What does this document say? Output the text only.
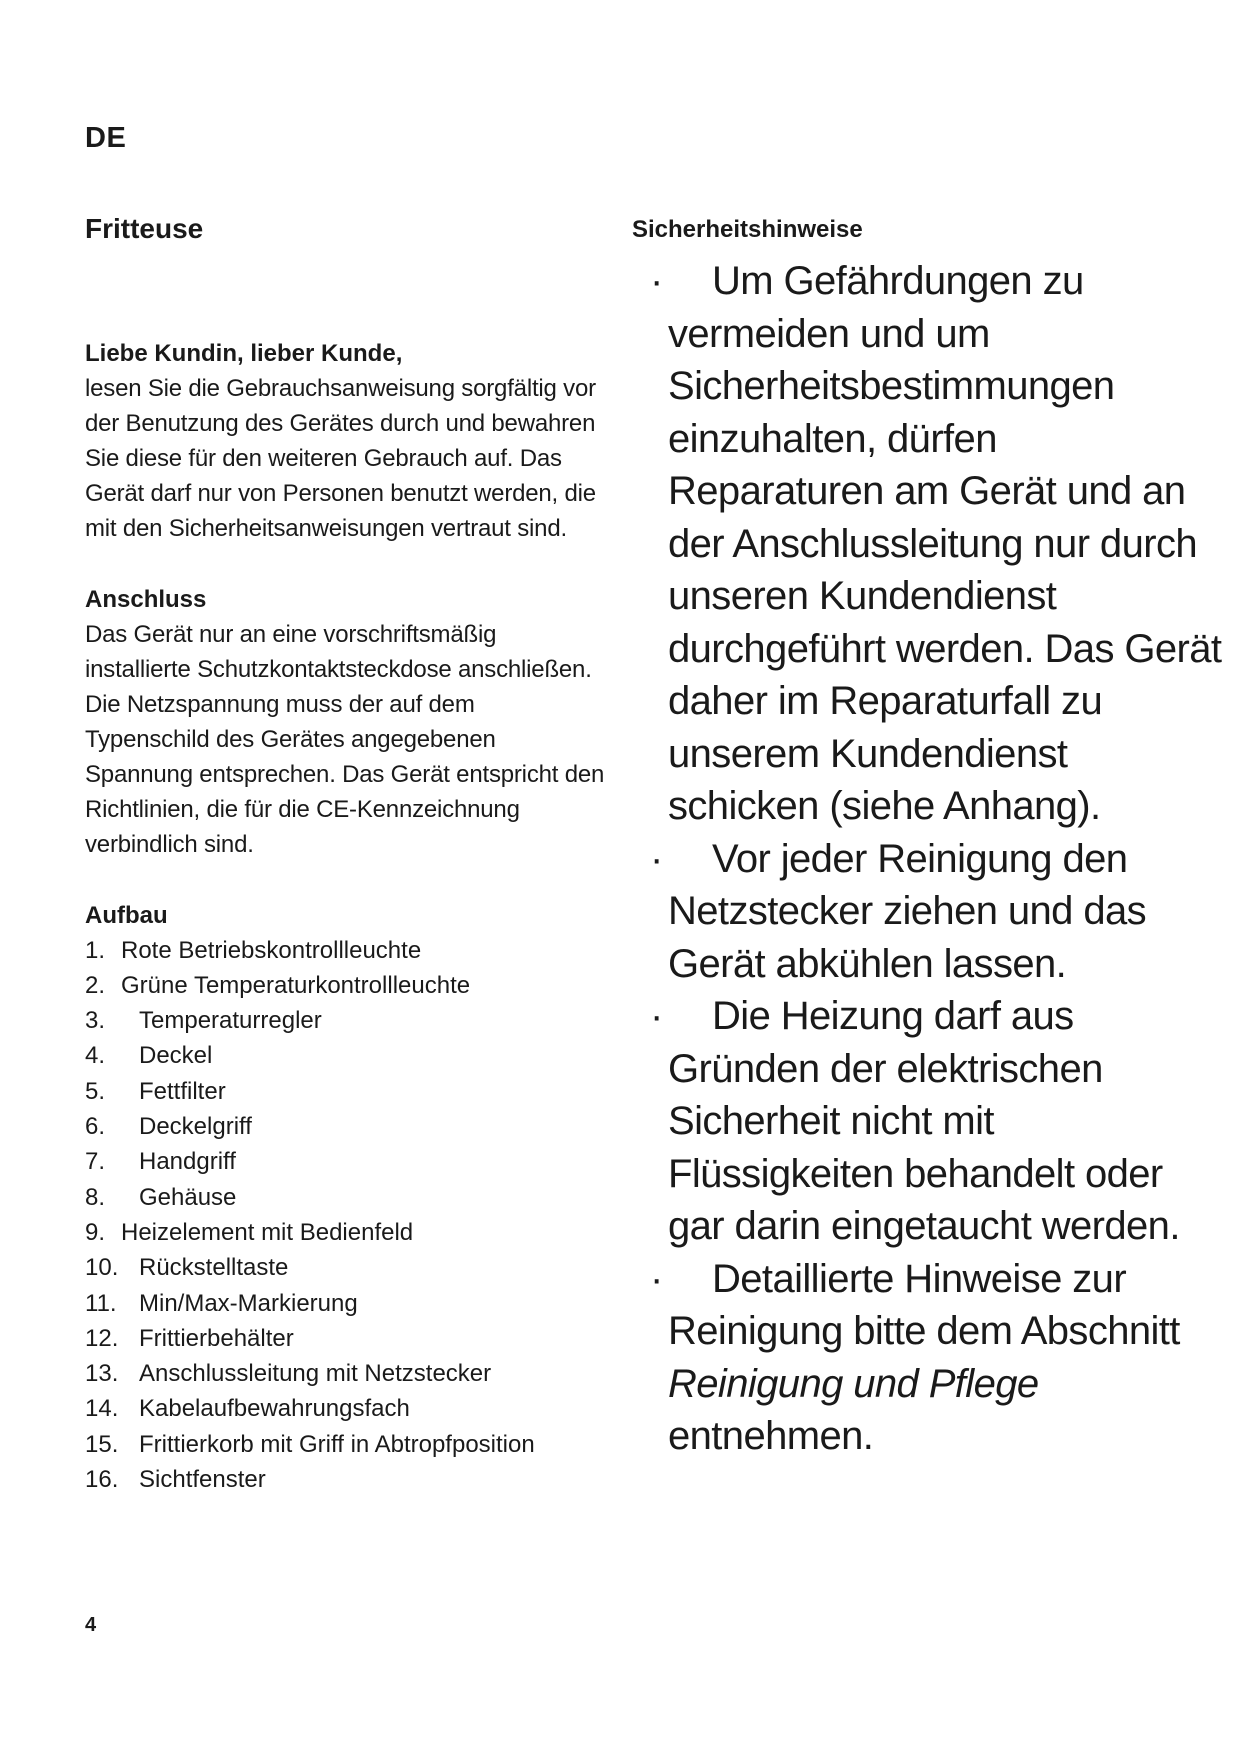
DE
Fritteuse
Liebe Kundin, lieber Kunde,
lesen Sie die Gebrauchsanweisung sorgfältig vor der Benutzung des Gerätes durch und bewahren Sie diese für den weiteren Gebrauch auf. Das Gerät darf nur von Personen benutzt werden, die mit den Sicherheitsanweisungen vertraut sind.
Anschluss
Das Gerät nur an eine vorschriftsmäßig installierte Schutzkontaktsteckdose anschließen.
Die Netzspannung muss der auf dem Typenschild des Gerätes angegebenen Spannung entsprechen. Das Gerät entspricht den Richtlinien, die für die CE-Kennzeichnung verbindlich sind.
Aufbau
1. Rote Betriebskontrollleuchte
2. Grüne Temperaturkontrollleuchte
3.	Temperaturregler
4.	Deckel
5.	Fettfilter
6.	Deckelgriff
7.	Handgriff
8.	Gehäuse
9. Heizelement mit Bedienfeld
10. Rückstelltaste
11. Min/Max-Markierung
12. Frittierbehälter
13. Anschlussleitung mit Netzstecker
14. Kabelaufbewahrungsfach
15. Frittierkorb mit Griff in Abtropfposition
16. Sichtfenster
Sicherheitshinweise
· Um Gefährdungen zu vermeiden und um Sicherheitsbestimmungen einzuhalten, dürfen Reparaturen am Gerät und an der Anschlussleitung nur durch unseren Kundendienst durchgeführt werden. Das Gerät daher im Reparaturfall zu unserem Kundendienst schicken (siehe Anhang).
· Vor jeder Reinigung den Netzstecker ziehen und das Gerät abkühlen lassen.
· Die Heizung darf aus Gründen der elektrischen Sicherheit nicht mit Flüssigkeiten behandelt oder gar darin eingetaucht werden.
· Detaillierte Hinweise zur Reinigung bitte dem Abschnitt Reinigung und Pflege entnehmen.
4
